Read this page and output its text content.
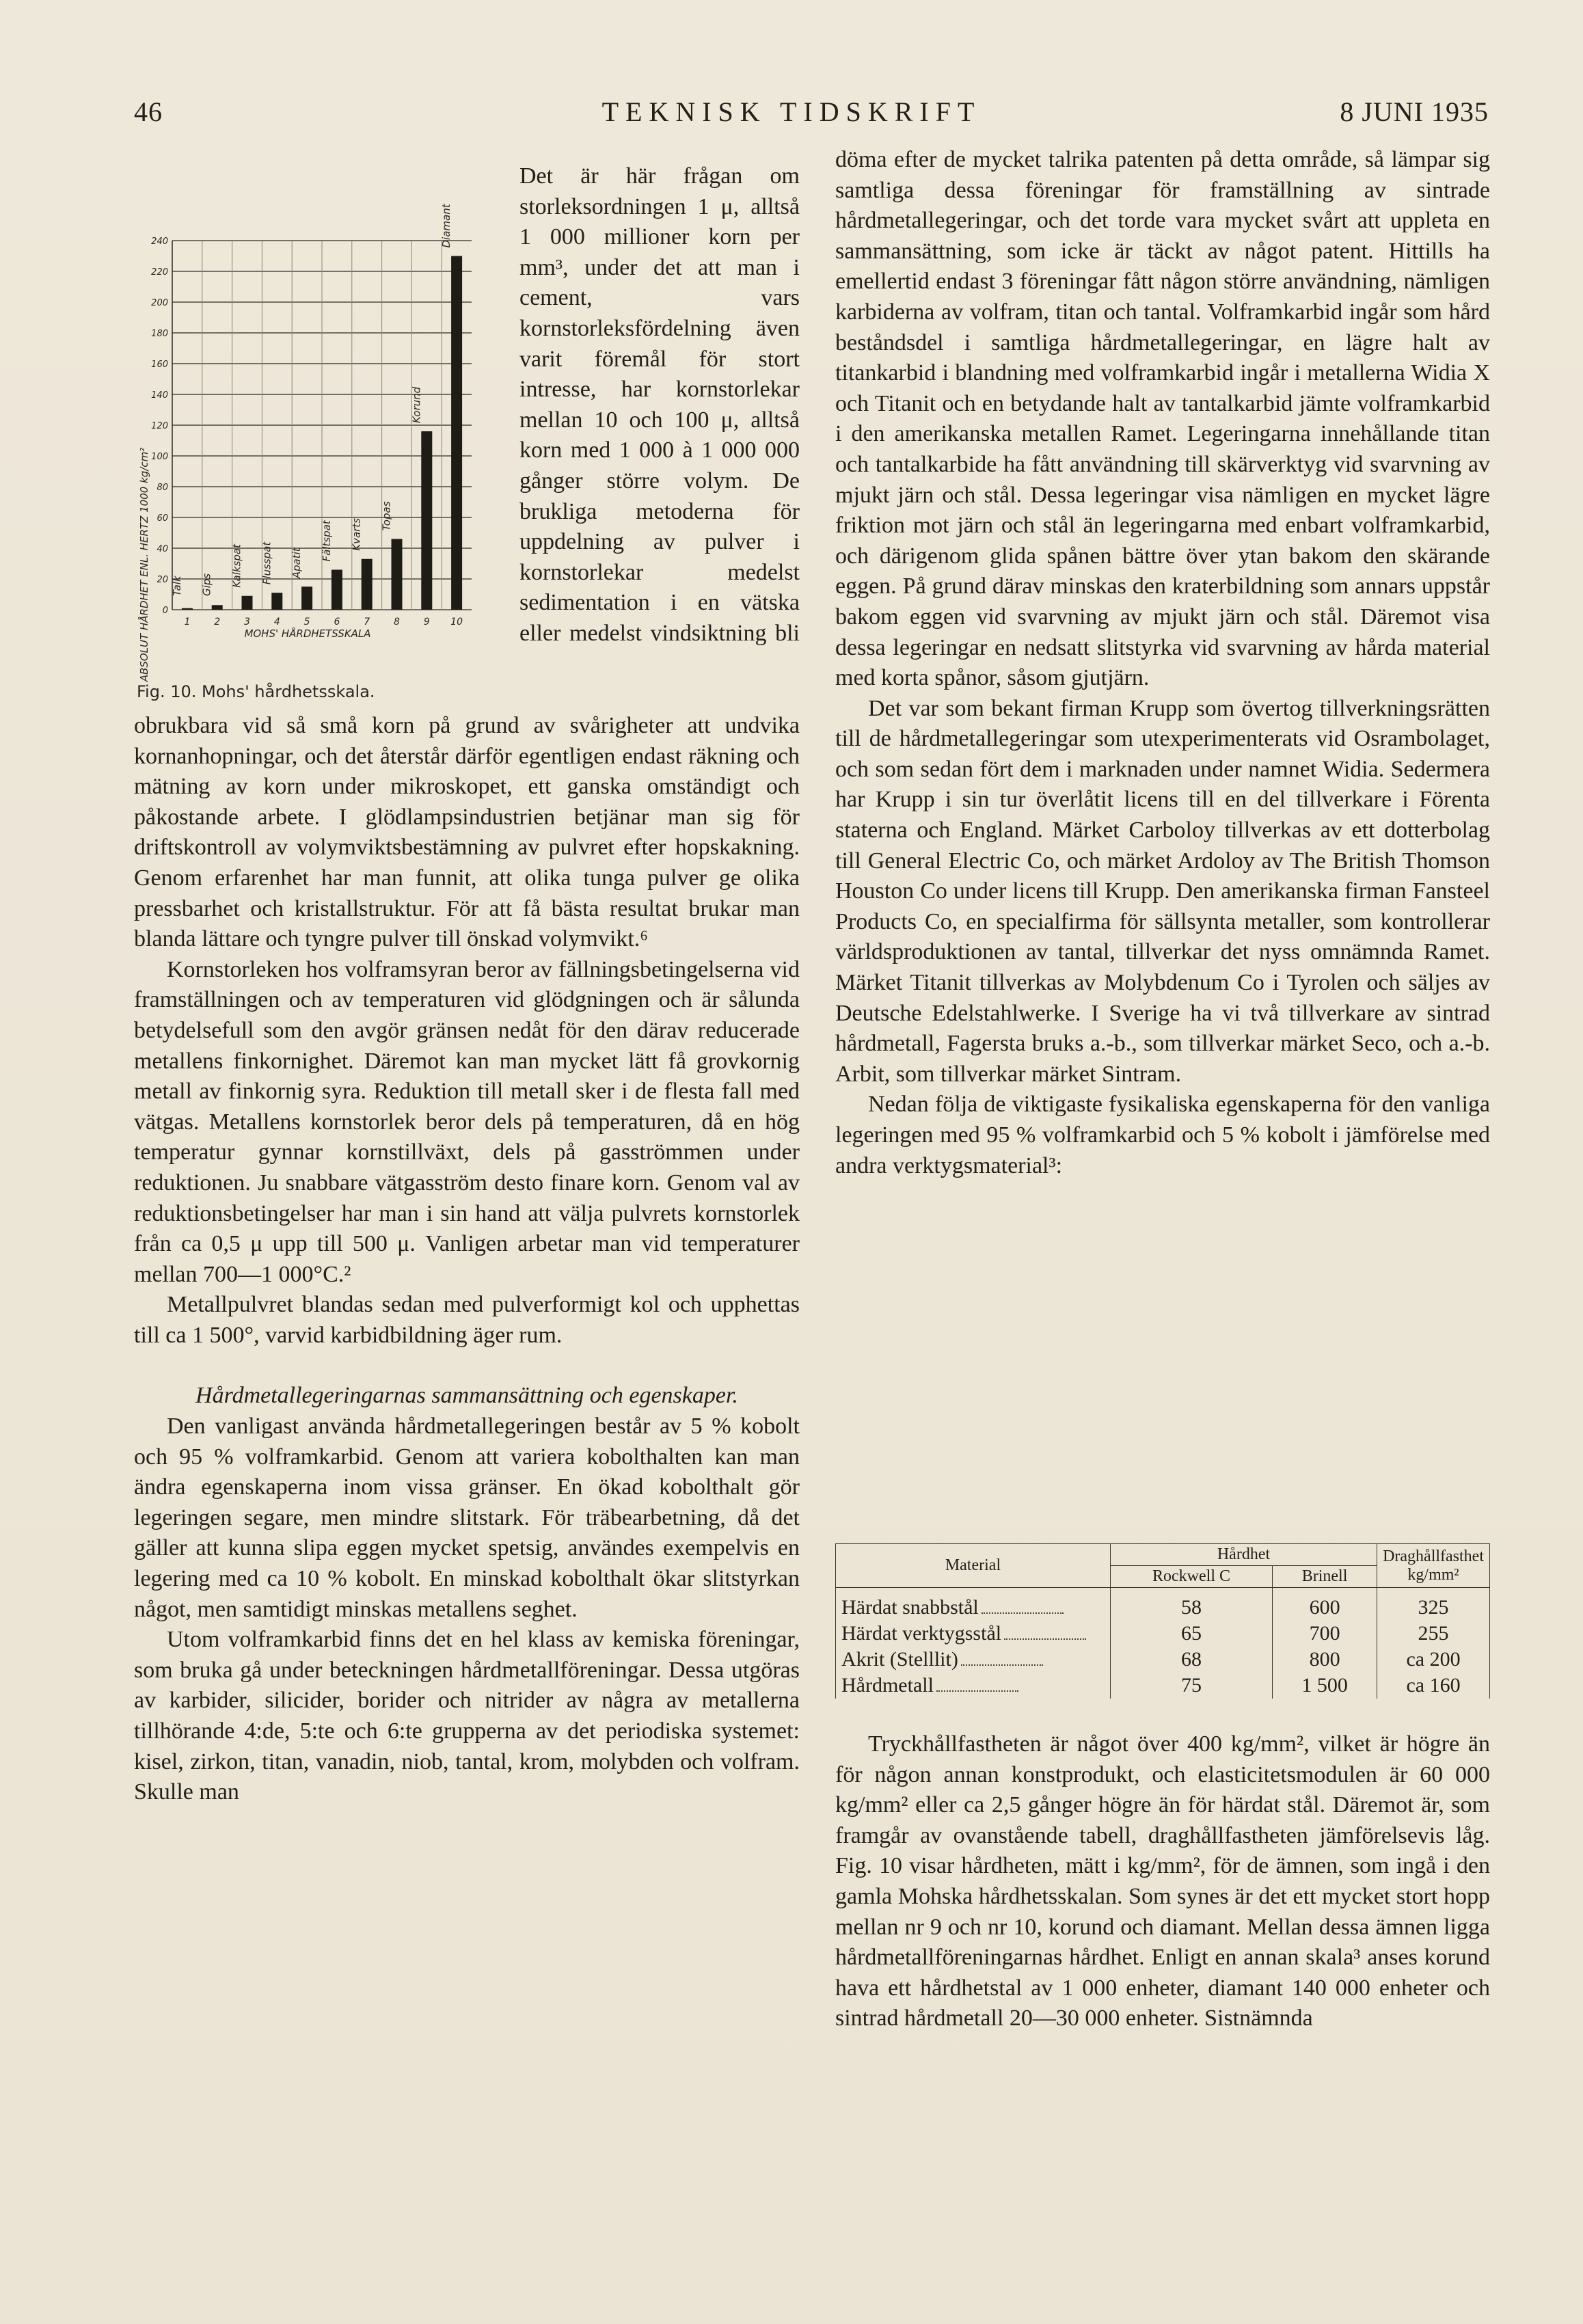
46	TEKNISK TIDSKRIFT	8 JUNI 1935
0
20
40
60
80
100
120
140
160
180
200
220
240
1 2 3 4 5 6 7 8 9 10
Talk Gips Kalkspat Flusspat Apatit
Fältspat Kvarts
Topas
Korund
Diamant
ABSOLUT HÅRDHET ENL. HERTZ 1000 kg/cm²	MOHS' HÅRDHETSSKALA
Fig. 10. Mohs' hårdhetsskala.

Det är här frågan om storleksordningen 1 μ, alltså 1 000 millioner korn per mm³, under det att man i cement, vars kornstorleksfördelning även varit föremål för stort intresse, har kornstorlekar mellan 10 och 100 μ, alltså korn med 1 000 à 1 000 000 gånger större volym. De brukliga metoderna för uppdelning av pulver i kornstorlekar medelst sedimentation i en vätska eller medelst vindsiktning bli

obrukbara vid så små korn på grund av svårigheter att undvika kornanhopningar, och det återstår därför egentligen endast räkning och mätning av korn under mikroskopet, ett ganska omständigt och påkostande arbete. I glödlampsindustrien betjänar man sig för driftskontroll av volymviktsbestämning av pulvret efter hopskakning. Genom erfarenhet har man funnit, att olika tunga pulver ge olika pressbarhet och kristallstruktur. För att få bästa resultat brukar man blanda lättare och tyngre pulver till önskad volymvikt.⁶

Kornstorleken hos volframsyran beror av fällningsbetingelserna vid framställningen och av temperaturen vid glödgningen och är sålunda betydelsefull som den avgör gränsen nedåt för den därav reducerade metallens finkornighet. Däremot kan man mycket lätt få grovkornig metall av finkornig syra. Reduktion till metall sker i de flesta fall med vätgas. Metallens kornstorlek beror dels på temperaturen, då en hög temperatur gynnar kornstillväxt, dels på gasströmmen under reduktionen. Ju snabbare vätgasström desto finare korn. Genom val av reduktionsbetingelser har man i sin hand att välja pulvrets kornstorlek från ca 0,5 μ upp till 500 μ. Vanligen arbetar man vid temperaturer mellan 700—1 000°C.²

Metallpulvret blandas sedan med pulverformigt kol och upphettas till ca 1 500°, varvid karbidbildning äger rum.

Hårdmetallegeringarnas sammansättning och egenskaper.

Den vanligast använda hårdmetallegeringen består av 5 % kobolt och 95 % volframkarbid. Genom att variera kobolthalten kan man ändra egenskaperna inom vissa gränser. En ökad kobolthalt gör legeringen segare, men mindre slitstark. För träbearbetning, då det gäller att kunna slipa eggen mycket spetsig, användes exempelvis en legering med ca 10 % kobolt. En minskad kobolthalt ökar slitstyrkan något, men samtidigt minskas metallens seghet.

Utom volframkarbid finns det en hel klass av kemiska föreningar, som bruka gå under beteckningen hårdmetallföreningar. Dessa utgöras av karbider, silicider, borider och nitrider av några av metallerna tillhörande 4:de, 5:te och 6:te grupperna av det periodiska systemet: kisel, zirkon, titan, vanadin, niob, tantal, krom, molybden och volfram. Skulle man

döma efter de mycket talrika patenten på detta område, så lämpar sig samtliga dessa föreningar för framställning av sintrade hårdmetallegeringar, och det torde vara mycket svårt att uppleta en sammansättning, som icke är täckt av något patent. Hittills ha emellertid endast 3 föreningar fått någon större användning, nämligen karbiderna av volfram, titan och tantal. Volframkarbid ingår som hård beståndsdel i samtliga hårdmetallegeringar, en lägre halt av titankarbid i blandning med volframkarbid ingår i metallerna Widia X och Titanit och en betydande halt av tantalkarbid jämte volframkarbid i den amerikanska metallen Ramet. Legeringarna innehållande titan och tantalkarbide ha fått användning till skärverktyg vid svarvning av mjukt järn och stål. Dessa legeringar visa nämligen en mycket lägre friktion mot järn och stål än legeringarna med enbart volframkarbid, och därigenom glida spånen bättre över ytan bakom den skärande eggen. På grund därav minskas den kraterbildning som annars uppstår bakom eggen vid svarvning av mjukt järn och stål. Däremot visa dessa legeringar en nedsatt slitstyrka vid svarvning av hårda material med korta spånor, såsom gjutjärn.

Det var som bekant firman Krupp som övertog tillverkningsrätten till de hårdmetallegeringar som utexperimenterats vid Osrambolaget, och som sedan fört dem i marknaden under namnet Widia. Sedermera har Krupp i sin tur överlåtit licens till en del tillverkare i Förenta staterna och England. Märket Carboloy tillverkas av ett dotterbolag till General Electric Co, och märket Ardoloy av The British Thomson Houston Co under licens till Krupp. Den amerikanska firman Fansteel Products Co, en specialfirma för sällsynta metaller, som kontrollerar världsproduktionen av tantal, tillverkar det nyss omnämnda Ramet. Märket Titanit tillverkas av Molybdenum Co i Tyrolen och säljes av Deutsche Edelstahlwerke. I Sverige ha vi två tillverkare av sintrad hårdmetall, Fagersta bruks a.-b., som tillverkar märket Seco, och a.-b. Arbit, som tillverkar märket Sintram.

Nedan följa de viktigaste fysikaliska egenskaperna för den vanliga legeringen med 95 % volframkarbid och 5 % kobolt i jämförelse med andra verktygsmaterial³:

Material	Hårdhet		Draghållfasthet kg/mm²
	Rockwell C	Brinell	
Härdat snabbstål	58	600	325
Härdat verktygsstål	65	700	255
Akrit (Stelllit)	68	800	ca 200
Hårdmetall	75	1 500	ca 160

Tryckhållfastheten är något över 400 kg/mm², vilket är högre än för någon annan konstprodukt, och elasticitetsmodulen är 60 000 kg/mm² eller ca 2,5 gånger högre än för härdat stål. Däremot är, som framgår av ovanstående tabell, draghållfastheten jämförelsevis låg. Fig. 10 visar hårdheten, mätt i kg/mm², för de ämnen, som ingå i den gamla Mohska hårdhetsskalan. Som synes är det ett mycket stort hopp mellan nr 9 och nr 10, korund och diamant. Mellan dessa ämnen ligga hårdmetallföreningarnas hårdhet. Enligt en annan skala³ anses korund hava ett hårdhetstal av 1 000 enheter, diamant 140 000 enheter och sintrad hårdmetall 20—30 000 enheter. Sistnämnda
